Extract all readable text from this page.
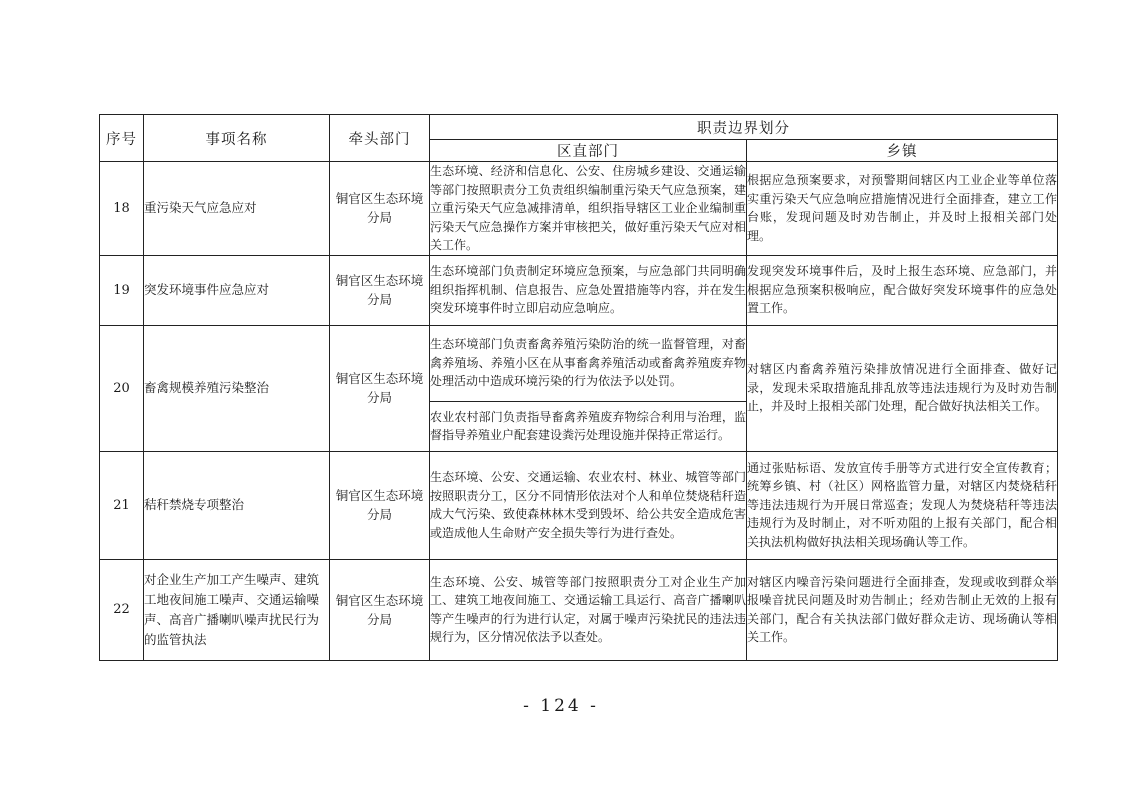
序号	事项名称	牵头部门	职责边界划分	
			区直部门	乡镇
18	重污染天气应急应对	铜官区生态环境分局	生态环境、经济和信息化、公安、住房城乡建设、交通运输等部门按照职责分工负责组织编制重污染天气应急预案，建立重污染天气应急减排清单，组织指导辖区工业企业编制重污染天气应急操作方案并审核把关，做好重污染天气应对相关工作。	根据应急预案要求，对预警期间辖区内工业企业等单位落实重污染天气应急响应措施情况进行全面排查，建立工作台账，发现问题及时劝告制止，并及时上报相关部门处理。
19	突发环境事件应急应对	铜官区生态环境分局	生态环境部门负责制定环境应急预案，与应急部门共同明确组织指挥机制、信息报告、应急处置措施等内容，并在发生突发环境事件时立即启动应急响应。	发现突发环境事件后，及时上报生态环境、应急部门，并根据应急预案积极响应，配合做好突发环境事件的应急处置工作。
20	畜禽规模养殖污染整治	铜官区生态环境分局	生态环境部门负责畜禽养殖污染防治的统一监督管理，对畜禽养殖场、养殖小区在从事畜禽养殖活动或畜禽养殖废弃物处理活动中造成环境污染的行为依法予以处罚。	对辖区内畜禽养殖污染排放情况进行全面排查、做好记录，发现未采取措施乱排乱放等违法违规行为及时劝告制止，并及时上报相关部门处理，配合做好执法相关工作。
			农业农村部门负责指导畜禽养殖废弃物综合利用与治理，监督指导养殖业户配套建设粪污处理设施并保持正常运行。	
21	秸秆禁烧专项整治	铜官区生态环境分局	生态环境、公安、交通运输、农业农村、林业、城管等部门按照职责分工，区分不同情形依法对个人和单位焚烧秸秆造成大气污染、致使森林林木受到毁坏、给公共安全造成危害或造成他人生命财产安全损失等行为进行查处。	通过张贴标语、发放宣传手册等方式进行安全宣传教育；统筹乡镇、村（社区）网格监管力量，对辖区内焚烧秸秆等违法违规行为开展日常巡查；发现人为焚烧秸秆等违法违规行为及时制止，对不听劝阻的上报有关部门，配合相关执法机构做好执法相关现场确认等工作。
22	对企业生产加工产生噪声、建筑工地夜间施工噪声、交通运输噪声、高音广播喇叭噪声扰民行为的监管执法	铜官区生态环境分局	生态环境、公安、城管等部门按照职责分工对企业生产加工、建筑工地夜间施工、交通运输工具运行、高音广播喇叭等产生噪声的行为进行认定，对属于噪声污染扰民的违法违规行为，区分情况依法予以查处。	对辖区内噪音污染问题进行全面排查，发现或收到群众举报噪音扰民问题及时劝告制止；经劝告制止无效的上报有关部门，配合有关执法部门做好群众走访、现场确认等相关工作。
- 124 -
